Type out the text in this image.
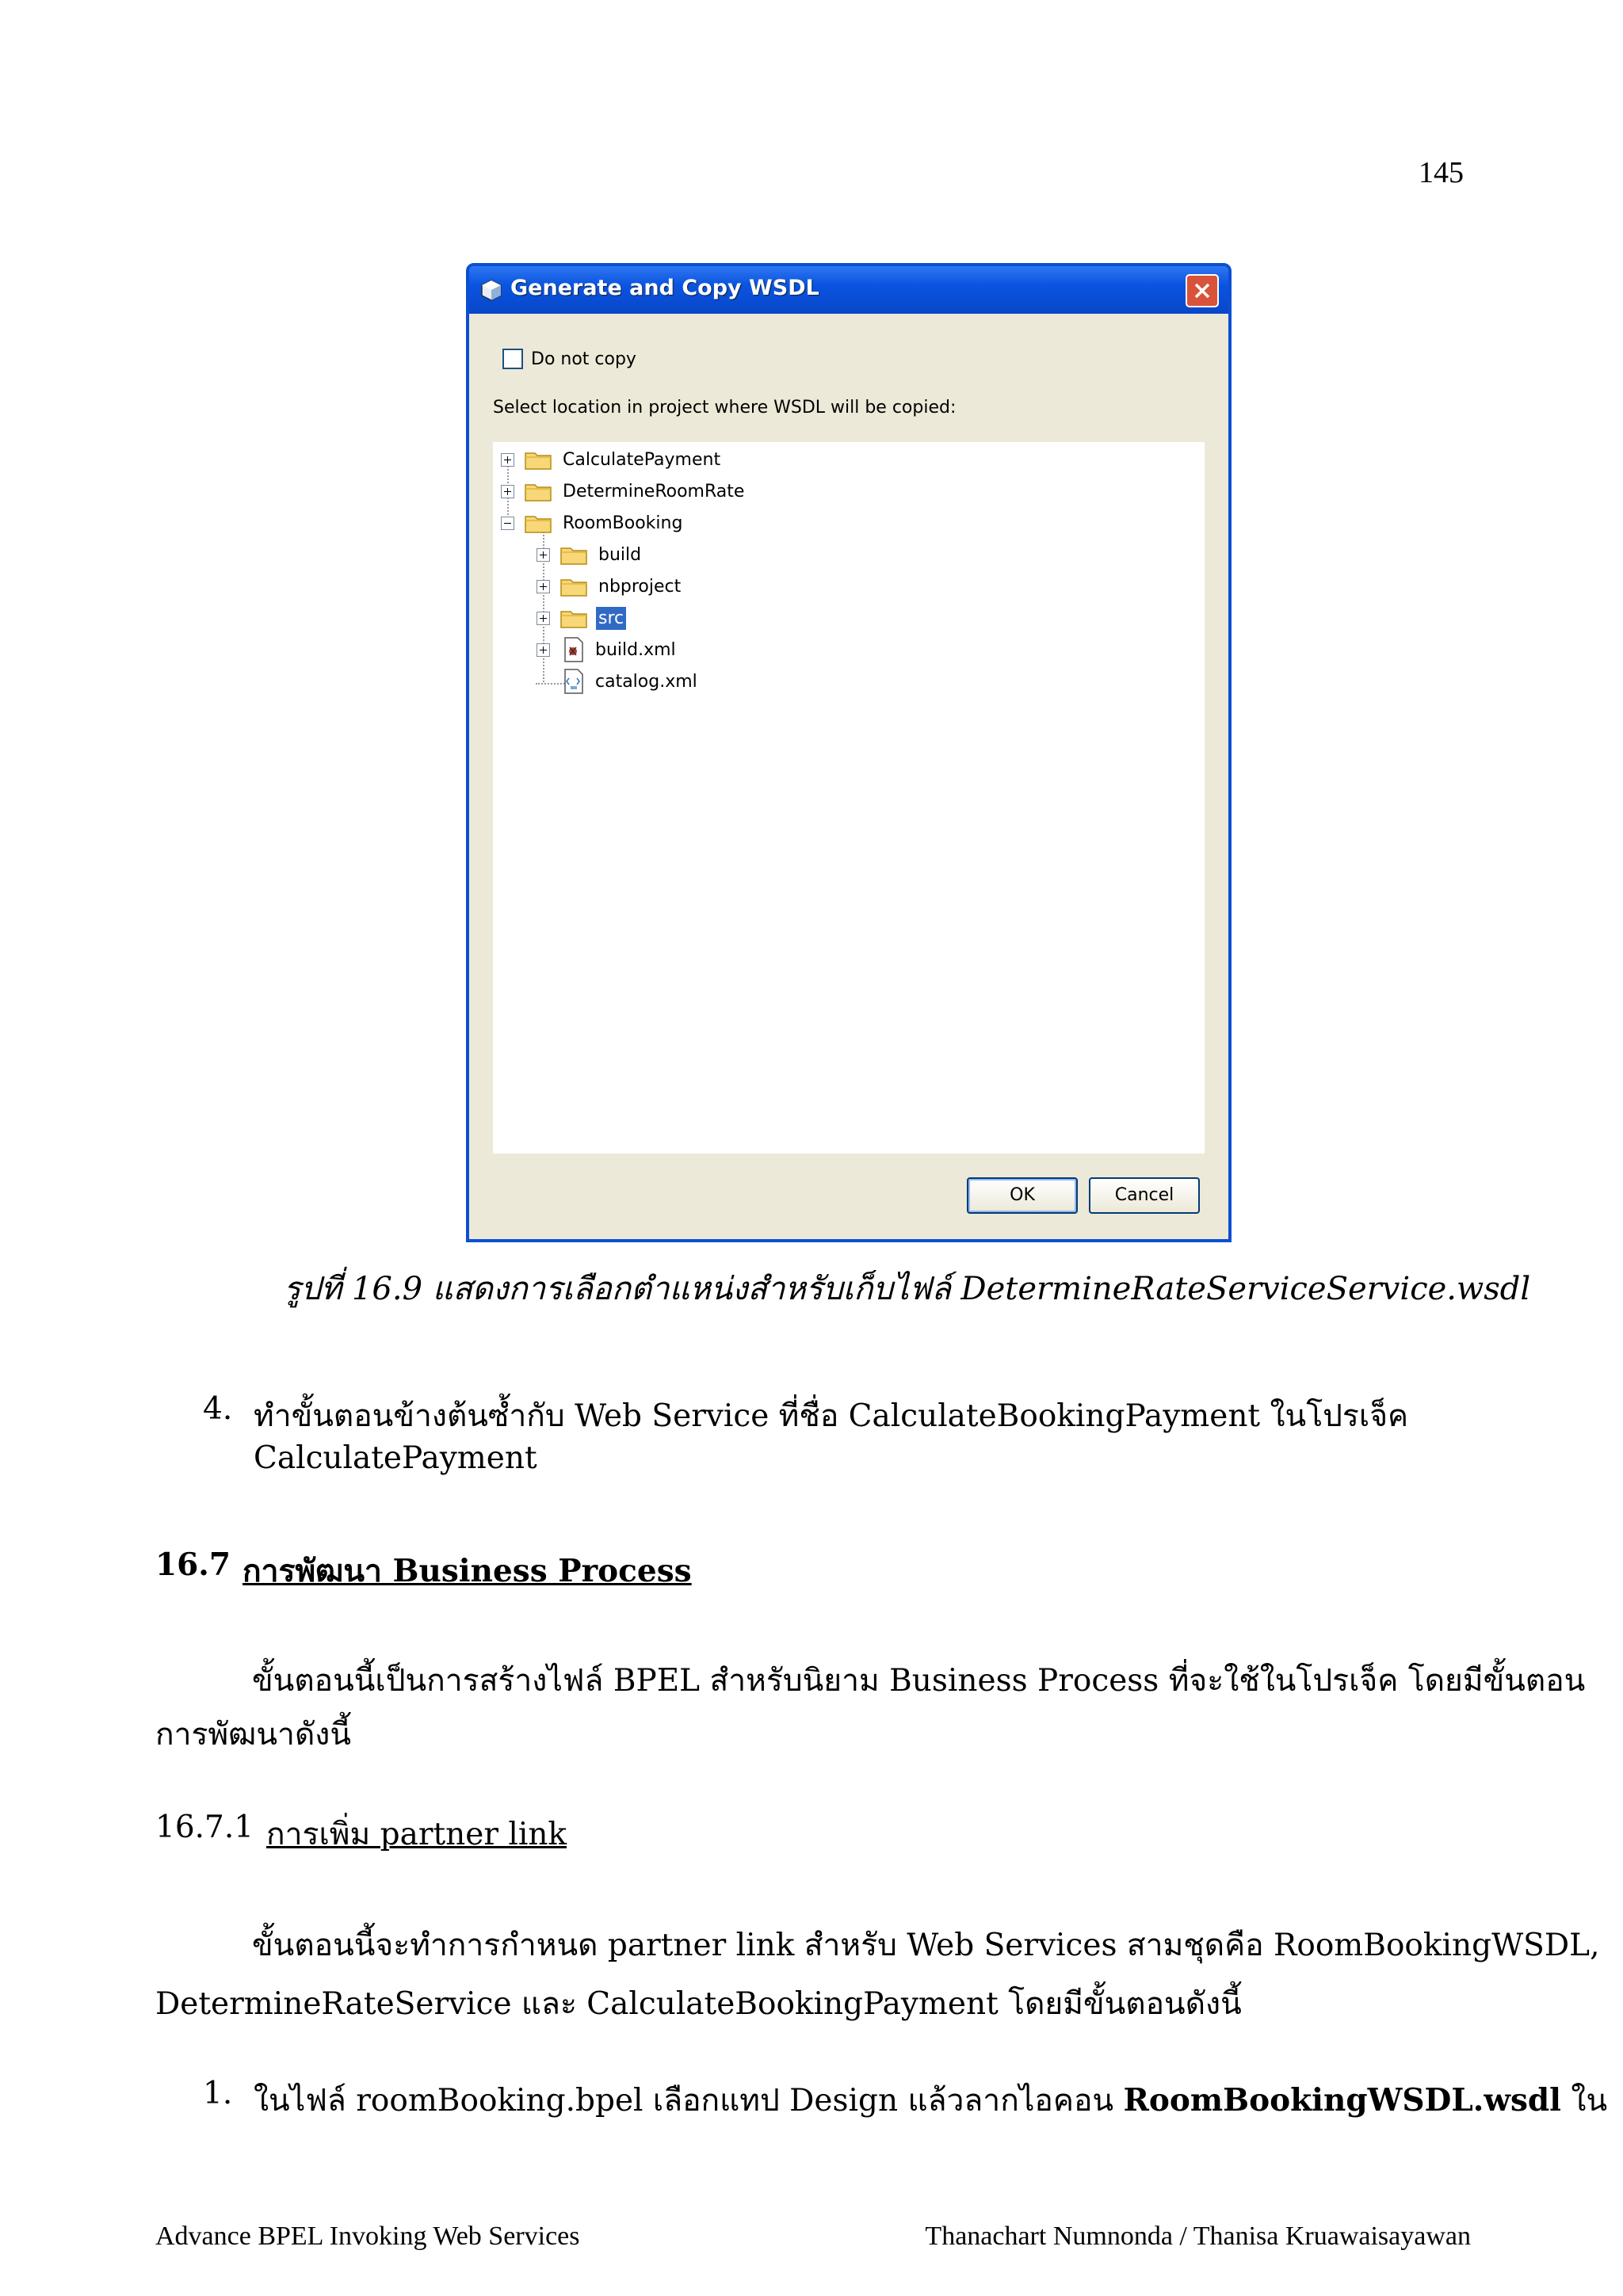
145
Generate and Copy WSDL
Do not copy
Select location in project where WSDL will be copied:
CalculatePayment
DetermineRoomRate
RoomBooking
build
nbproject
src
build.xml
catalog.xml
OK	Cancel
รูปที่ 16.9 แสดงการเลือกตำแหน่งสำหรับเก็บไฟล์ DetermineRateServiceService.wsdl
4. ทำขั้นตอนข้างต้นซ้ำกับ Web Service ที่ชื่อ CalculateBookingPayment ในโปรเจ็ค
CalculatePayment
16.7 การพัฒนา Business Process
ขั้นตอนนี้เป็นการสร้างไฟล์ BPEL สำหรับนิยาม Business Process ที่จะใช้ในโปรเจ็ค โดยมีขั้นตอน
การพัฒนาดังนี้
16.7.1 การเพิ่ม partner link
ขั้นตอนนี้จะทำการกำหนด partner link สำหรับ Web Services สามชุดคือ RoomBookingWSDL,
DetermineRateService และ CalculateBookingPayment โดยมีขั้นตอนดังนี้
1. ในไฟล์ roomBooking.bpel เลือกแทป Design แล้วลากไอคอน RoomBookingWSDL.wsdl ใน
Advance BPEL Invoking Web Services	Thanachart Numnonda / Thanisa Kruawaisayawan
